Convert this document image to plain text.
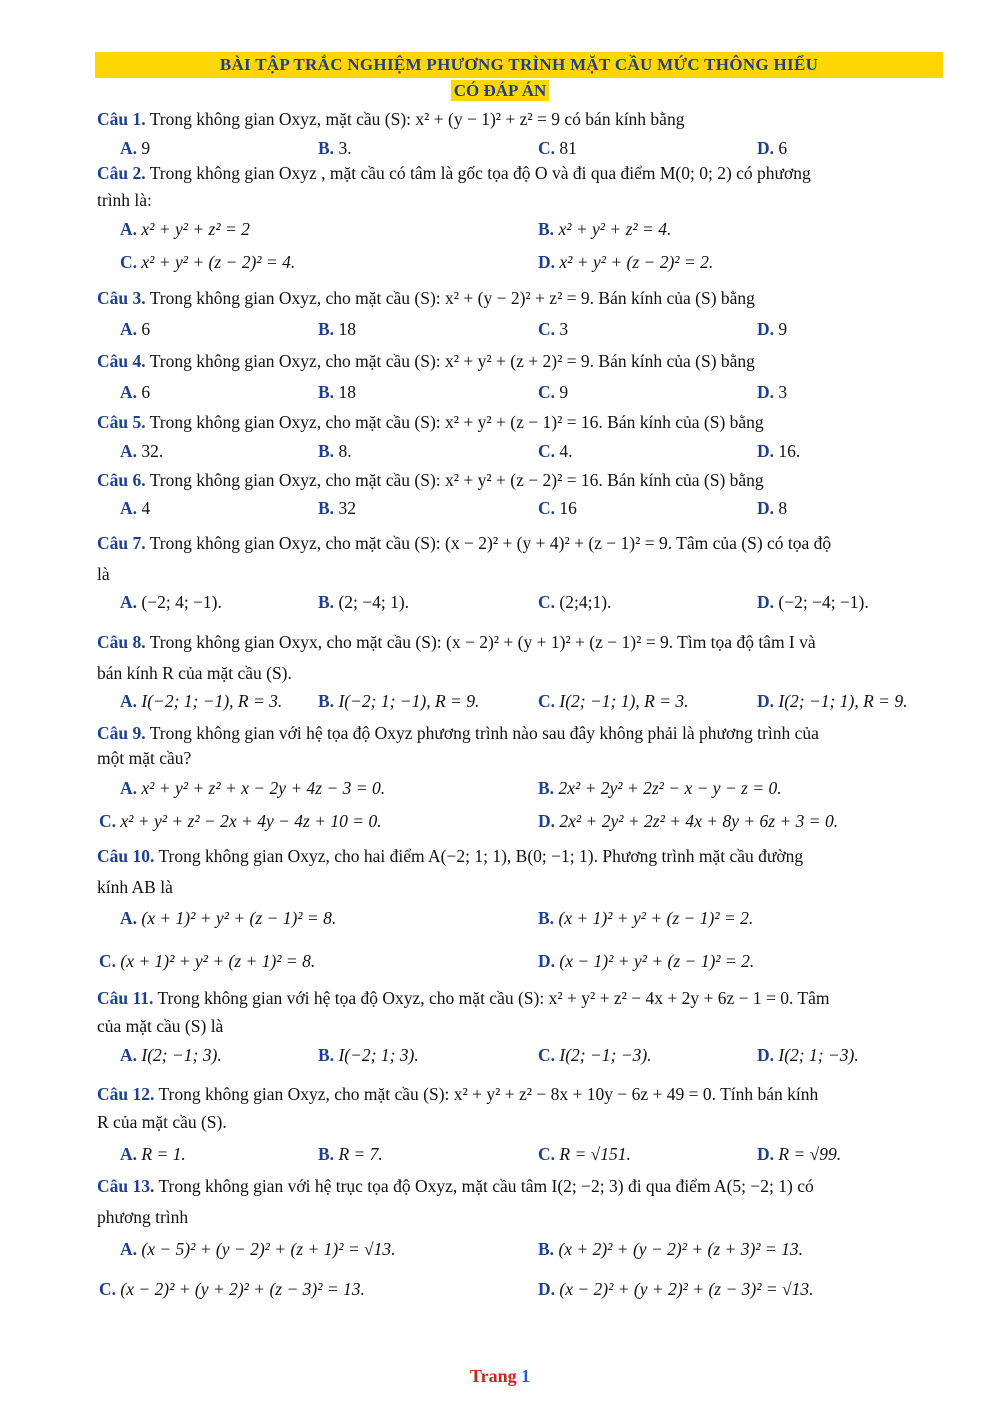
BÀI TẬP TRẮC NGHIỆM PHƯƠNG TRÌNH MẶT CẦU MỨC THÔNG HIỂU
CÓ ĐÁP ÁN
Câu 1. Trong không gian Oxyz, mặt cầu (S): x² + (y − 1)² + z² = 9 có bán kính bằng
A. 9	B. 3.	C. 81	D. 6
Câu 2. Trong không gian Oxyz , mặt cầu có tâm là gốc tọa độ O và đi qua điểm M(0; 0; 2) có phương
trình là:
A. x² + y² + z² = 2	B. x² + y² + z² = 4.
C. x² + y² + (z − 2)² = 4.	D. x² + y² + (z − 2)² = 2.
Câu 3. Trong không gian Oxyz, cho mặt cầu (S): x² + (y − 2)² + z² = 9. Bán kính của (S) bằng
A. 6	B. 18	C. 3	D. 9
Câu 4. Trong không gian Oxyz, cho mặt cầu (S): x² + y² + (z + 2)² = 9. Bán kính của (S) bằng
A. 6	B. 18	C. 9	D. 3
Câu 5. Trong không gian Oxyz, cho mặt cầu (S): x² + y² + (z − 1)² = 16. Bán kính của (S) bằng
A. 32.	B. 8.	C. 4.	D. 16.
Câu 6. Trong không gian Oxyz, cho mặt cầu (S): x² + y² + (z − 2)² = 16. Bán kính của (S) bằng
A. 4	B. 32	C. 16	D. 8
Câu 7. Trong không gian Oxyz, cho mặt cầu (S): (x − 2)² + (y + 4)² + (z − 1)² = 9. Tâm của (S) có tọa độ
là
A. (−2; 4; −1).	B. (2; −4; 1).	C. (2;4;1).	D. (−2; −4; −1).
Câu 8. Trong không gian Oxyx, cho mặt cầu (S): (x − 2)² + (y + 1)² + (z − 1)² = 9. Tìm tọa độ tâm I và
bán kính R của mặt cầu (S).
A. I(−2; 1; −1), R = 3. B. I(−2; 1; −1), R = 9.	C. I(2; −1; 1), R = 3.	D. I(2; −1; 1), R = 9.
Câu 9. Trong không gian với hệ tọa độ Oxyz phương trình nào sau đây không phải là phương trình của
một mặt cầu?
A. x² + y² + z² + x − 2y + 4z − 3 = 0.	B. 2x² + 2y² + 2z² − x − y − z = 0.
C. x² + y² + z² − 2x + 4y − 4z + 10 = 0.	D. 2x² + 2y² + 2z² + 4x + 8y + 6z + 3 = 0.
Câu 10. Trong không gian Oxyz, cho hai điểm A(−2; 1; 1), B(0; −1; 1). Phương trình mặt cầu đường
kính AB là
A. (x + 1)² + y² + (z − 1)² = 8.	B. (x + 1)² + y² + (z − 1)² = 2.
C. (x + 1)² + y² + (z + 1)² = 8.	D. (x − 1)² + y² + (z − 1)² = 2.
Câu 11. Trong không gian với hệ tọa độ Oxyz, cho mặt cầu (S): x² + y² + z² − 4x + 2y + 6z − 1 = 0. Tâm
của mặt cầu (S) là
A. I(2; −1; 3).	B. I(−2; 1; 3).	C. I(2; −1; −3).	D. I(2; 1; −3).
Câu 12. Trong không gian Oxyz, cho mặt cầu (S): x² + y² + z² − 8x + 10y − 6z + 49 = 0. Tính bán kính
R của mặt cầu (S).
A. R = 1.	B. R = 7.	C. R = √151.	D. R = √99.
Câu 13. Trong không gian với hệ trục tọa độ Oxyz, mặt cầu tâm I(2; −2; 3) đi qua điểm A(5; −2; 1) có
phương trình
A. (x − 5)² + (y − 2)² + (z + 1)² = √13.	B. (x + 2)² + (y − 2)² + (z + 3)² = 13.
C. (x − 2)² + (y + 2)² + (z − 3)² = 13.	D. (x − 2)² + (y + 2)² + (z − 3)² = √13.
Trang 1
